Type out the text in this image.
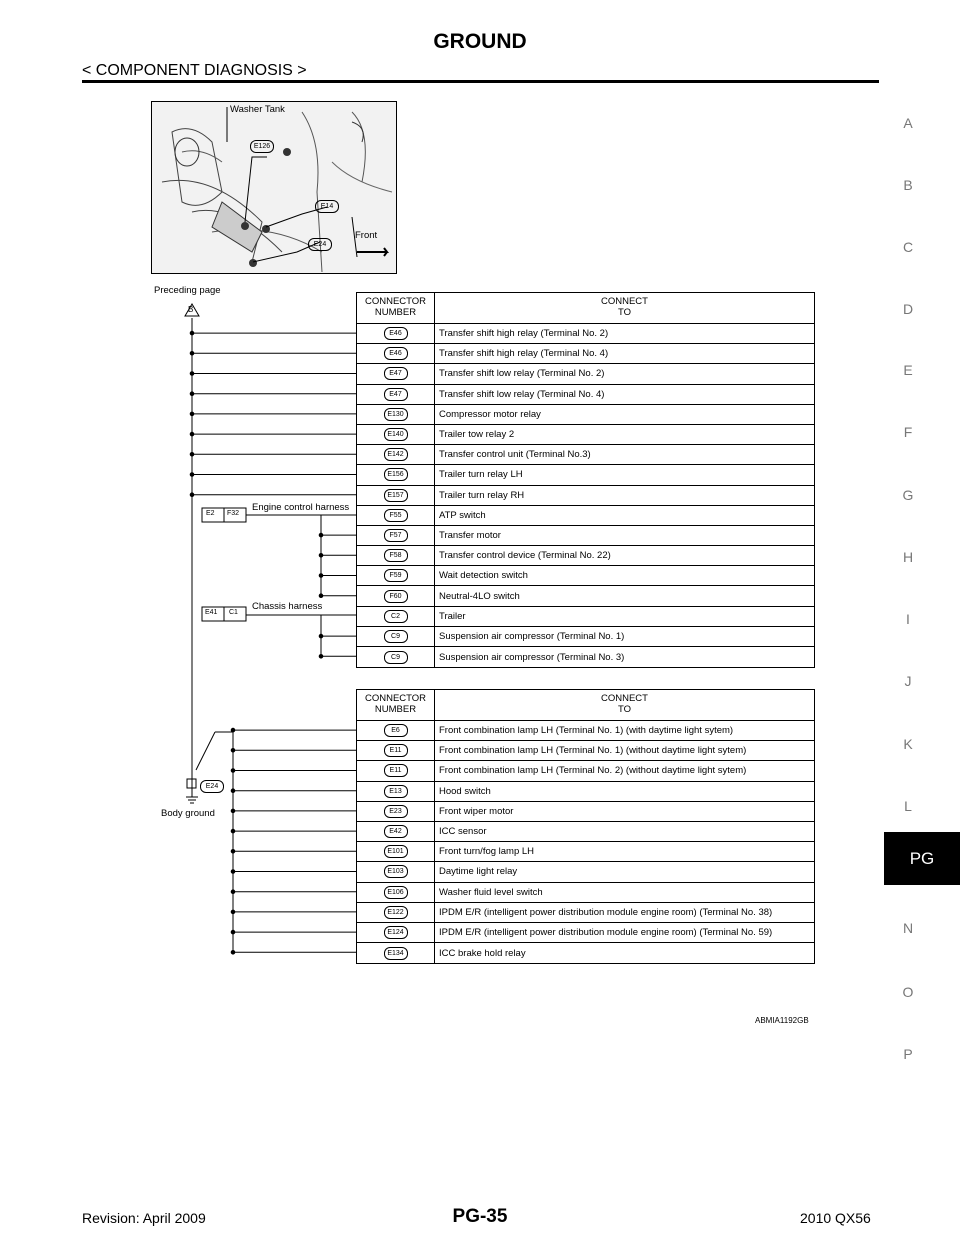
GROUND
< COMPONENT DIAGNOSIS >
A
B
C
D
E
F
G
H
I
J
K
L
N
O
P
PG
Washer Tank
Front
E126
E14
E24
Preceding page
B
Engine control harness
E2 F32
Chassis harness
E41 C1
E24
Body ground
CONNECTOR
NUMBER
CONNECT
TO
E46	Transfer shift high relay (Terminal No. 2)
E46	Transfer shift high relay (Terminal No. 4)
E47	Transfer shift low relay (Terminal No. 2)
E47	Transfer shift low relay (Terminal No. 4)
E130	Compressor motor relay
E140	Trailer tow relay 2
E142	Transfer control unit (Terminal No.3)
E156	Trailer turn relay LH
E157	Trailer turn relay RH
F55	ATP switch
F57	Transfer motor
F58	Transfer control device (Terminal No. 22)
F59	Wait detection switch
F60	Neutral-4LO switch
C2	Trailer
C9	Suspension air compressor (Terminal No. 1)
C9	Suspension air compressor (Terminal No. 3)
CONNECTOR
NUMBER
CONNECT
TO
E6	Front combination lamp LH (Terminal No. 1) (with daytime light sytem)
E11	Front combination lamp LH (Terminal No. 1) (without daytime light sytem)
E11	Front combination lamp LH (Terminal No. 2) (without daytime light sytem)
E13	Hood switch
E23	Front wiper motor
E42	ICC sensor
E101	Front turn/fog lamp LH
E103	Daytime light relay
E106	Washer fluid level switch
E122	IPDM E/R (intelligent power distribution module engine room) (Terminal No. 38)
E124	IPDM E/R (intelligent power distribution module engine room) (Terminal No. 59)
E134	ICC brake hold relay
ABMIA1192GB
Revision: April 2009	PG-35	2010 QX56
